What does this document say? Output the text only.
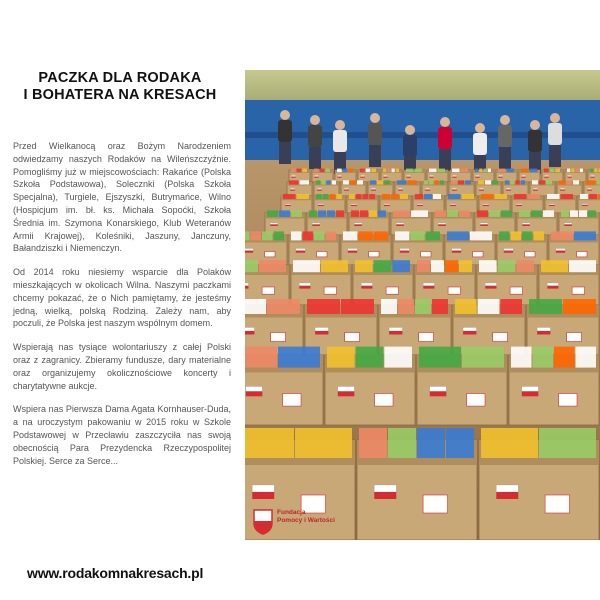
PACZKA DLA RODAKA
I BOHATERA NA KRESACH

Przed Wielkanocą oraz Bożym Narodzeniem odwiedzamy naszych Rodaków na Wileńszczyźnie. Pomogliśmy już w miejscowościach: Rakańce (Polska Szkoła Podstawowa), Solecznki (Polska Szkoła Specjalna), Turgiele, Ejszyszki, Butrymańce, Wilno (Hospicjum im. bł. ks. Michała Sopoćki, Szkoła Średnia im. Szymona Konarskiego, Klub Weteranów Armii Krajowej), Koleśniki, Jaszuny, Janczuny, Bałandziszki i Niemenczyn.

Od 2014 roku niesiemy wsparcie dla Polaków mieszkających w okolicach Wilna. Naszymi paczkami chcemy pokazać, że o Nich pamiętamy, że jesteśmy jedną, wielką, polską Rodziną. Zależy nam, aby poczuli, że Polska jest naszym wspólnym domem.

Wspierają nas tysiące wolontariuszy z całej Polski oraz z zagranicy. Zbieramy fundusze, dary materialne oraz organizujemy okolicznościowe koncerty i charytatywne aukcje.

Wspiera nas Pierwsza Dama Agata Kornhauser-Duda, a na uroczystym pakowaniu w 2015 roku w Szkole Podstawowej w Przecławiu zaszczyciła nas swoją obecnością Para Prezydencka Rzeczypospolitej Polskiej. Serce za Serce...

Fundacja
Pomocy i Wartości
www.rodakomnakresach.pl
